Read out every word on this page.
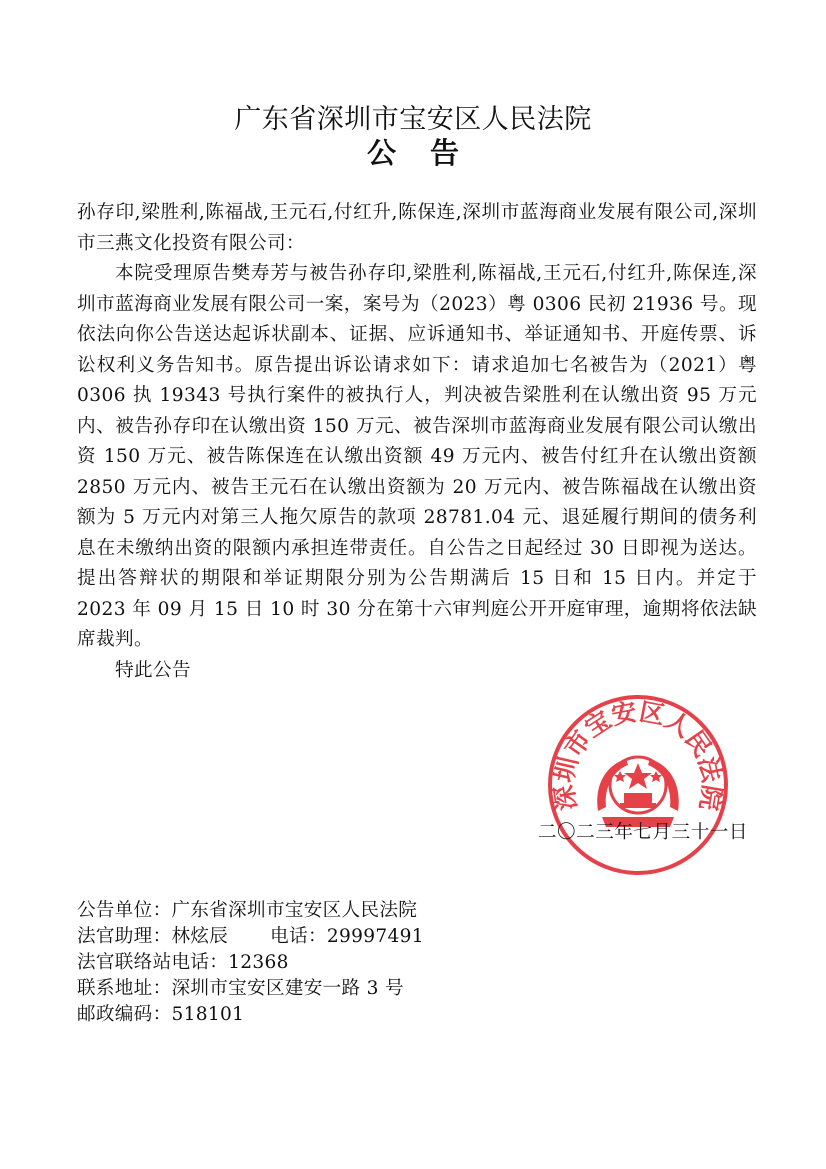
广东省深圳市宝安区人民法院
公告

孙存印,梁胜利,陈福战,王元石,付红升,陈保连,深圳市蓝海商业发展有限公司,深圳市三燕文化投资有限公司：

本院受理原告樊寿芳与被告孙存印,梁胜利,陈福战,王元石,付红升,陈保连,深圳市蓝海商业发展有限公司一案，案号为（2023）粤 0306 民初 21936 号。现依法向你公告送达起诉状副本、证据、应诉通知书、举证通知书、开庭传票、诉讼权利义务告知书。原告提出诉讼请求如下：请求追加七名被告为（2021）粤 0306 执 19343 号执行案件的被执行人，判决被告梁胜利在认缴出资 95 万元内、被告孙存印在认缴出资 150 万元、被告深圳市蓝海商业发展有限公司认缴出资 150 万元、被告陈保连在认缴出资额 49 万元内、被告付红升在认缴出资额 2850 万元内、被告王元石在认缴出资额为 20 万元内、被告陈福战在认缴出资额为 5 万元内对第三人拖欠原告的款项 28781.04 元、退延履行期间的债务利息在未缴纳出资的限额内承担连带责任。自公告之日起经过 30 日即视为送达。提出答辩状的期限和举证期限分别为公告期满后 15 日和 15 日内。并定于 2023 年 09 月 15 日 10 时 30 分在第十六审判庭公开开庭审理，逾期将依法缺席裁判。

特此公告

深圳市宝安区人民法院
二〇二三年七月三十一日
公告单位：广东省深圳市宝安区人民法院
法官助理：林炫辰 电话：29997491
法官联络站电话：12368
联系地址：深圳市宝安区建安一路 3 号
邮政编码：518101
